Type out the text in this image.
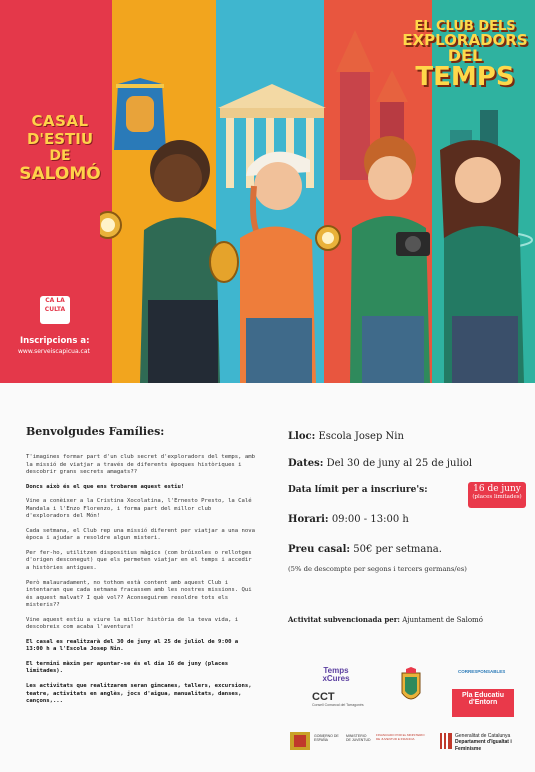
CASAL
D'ESTIU
DE
SALOMÓ
EL CLUB DELS
EXPLORADORS
DEL
TEMPS
CA LA CULTA
Inscripcions a:
www.serveiscapicua.cat
Benvolgudes Famílies:

T'imagines formar part d'un club secret d'exploradors del temps, amb la missió de viatjar a través de diferents èpoques històriques i descobrir grans secrets amagats??

Doncs això és el que ens trobarem aquest estiu!

Vine a conèixer a la Cristina Xocolatina, l'Ernesto Presto, la Calé Mandala i l'Enzo Florenzo, i forma part del millor club d'exploradors del Món!

Cada setmana, el Club rep una missió diferent per viatjar a una nova època i ajudar a resoldre algun misteri.

Per fer-ho, utilitzen dispositius màgics (com brúixoles o rellotges d'origen desconegut) que els permeten viatjar en el temps i accedir a històries antigues.

Però malauradament, no tothom està content amb aquest Club i intentaran que cada setmana fracassem amb les nostres missions. Qui és aquest malvat? I què vol?? Aconseguirem resoldre tots els misteris??

Vine aquest estiu a viure la millor història de la teva vida, i descobreix com acaba l'aventura!

El casal es realitzarà del 30 de juny al 25 de juliol de 9:00 a 13:00 h a l'Escola Josep Nin.

El termini màxim per apuntar-se és el dia 16 de juny (places limitades).

Les activitats que realitzarem seran gimcanes, tallers, excursions, teatre, activitats en anglès, jocs d'aigua, manualitats, danses, cançons,...

Lloc: Escola Josep Nin
Dates: Del 30 de juny al 25 de juliol
Data límit per a inscriure's:	16 de juny
(places limitades)
Horari: 09:00 - 13:00 h
Preu casal: 50€ per setmana.
(5% de descompte per segons i tercers germans/es)
Activitat subvencionada per: Ajuntament de Salomó
Temps
xCures
CCT
Consell Comarcal del Tarragonès
CORRESPONSABLES
Pla Educatiu d'Entorn
GOBIERNO DE ESPAÑA
MINISTERIO DE JUVENTUD
FINANCIADO POR EL MINISTERIO DE JUVENTUD E INFANCIA	Generalitat de Catalunya
Departament d'Igualtat i Feminisme
